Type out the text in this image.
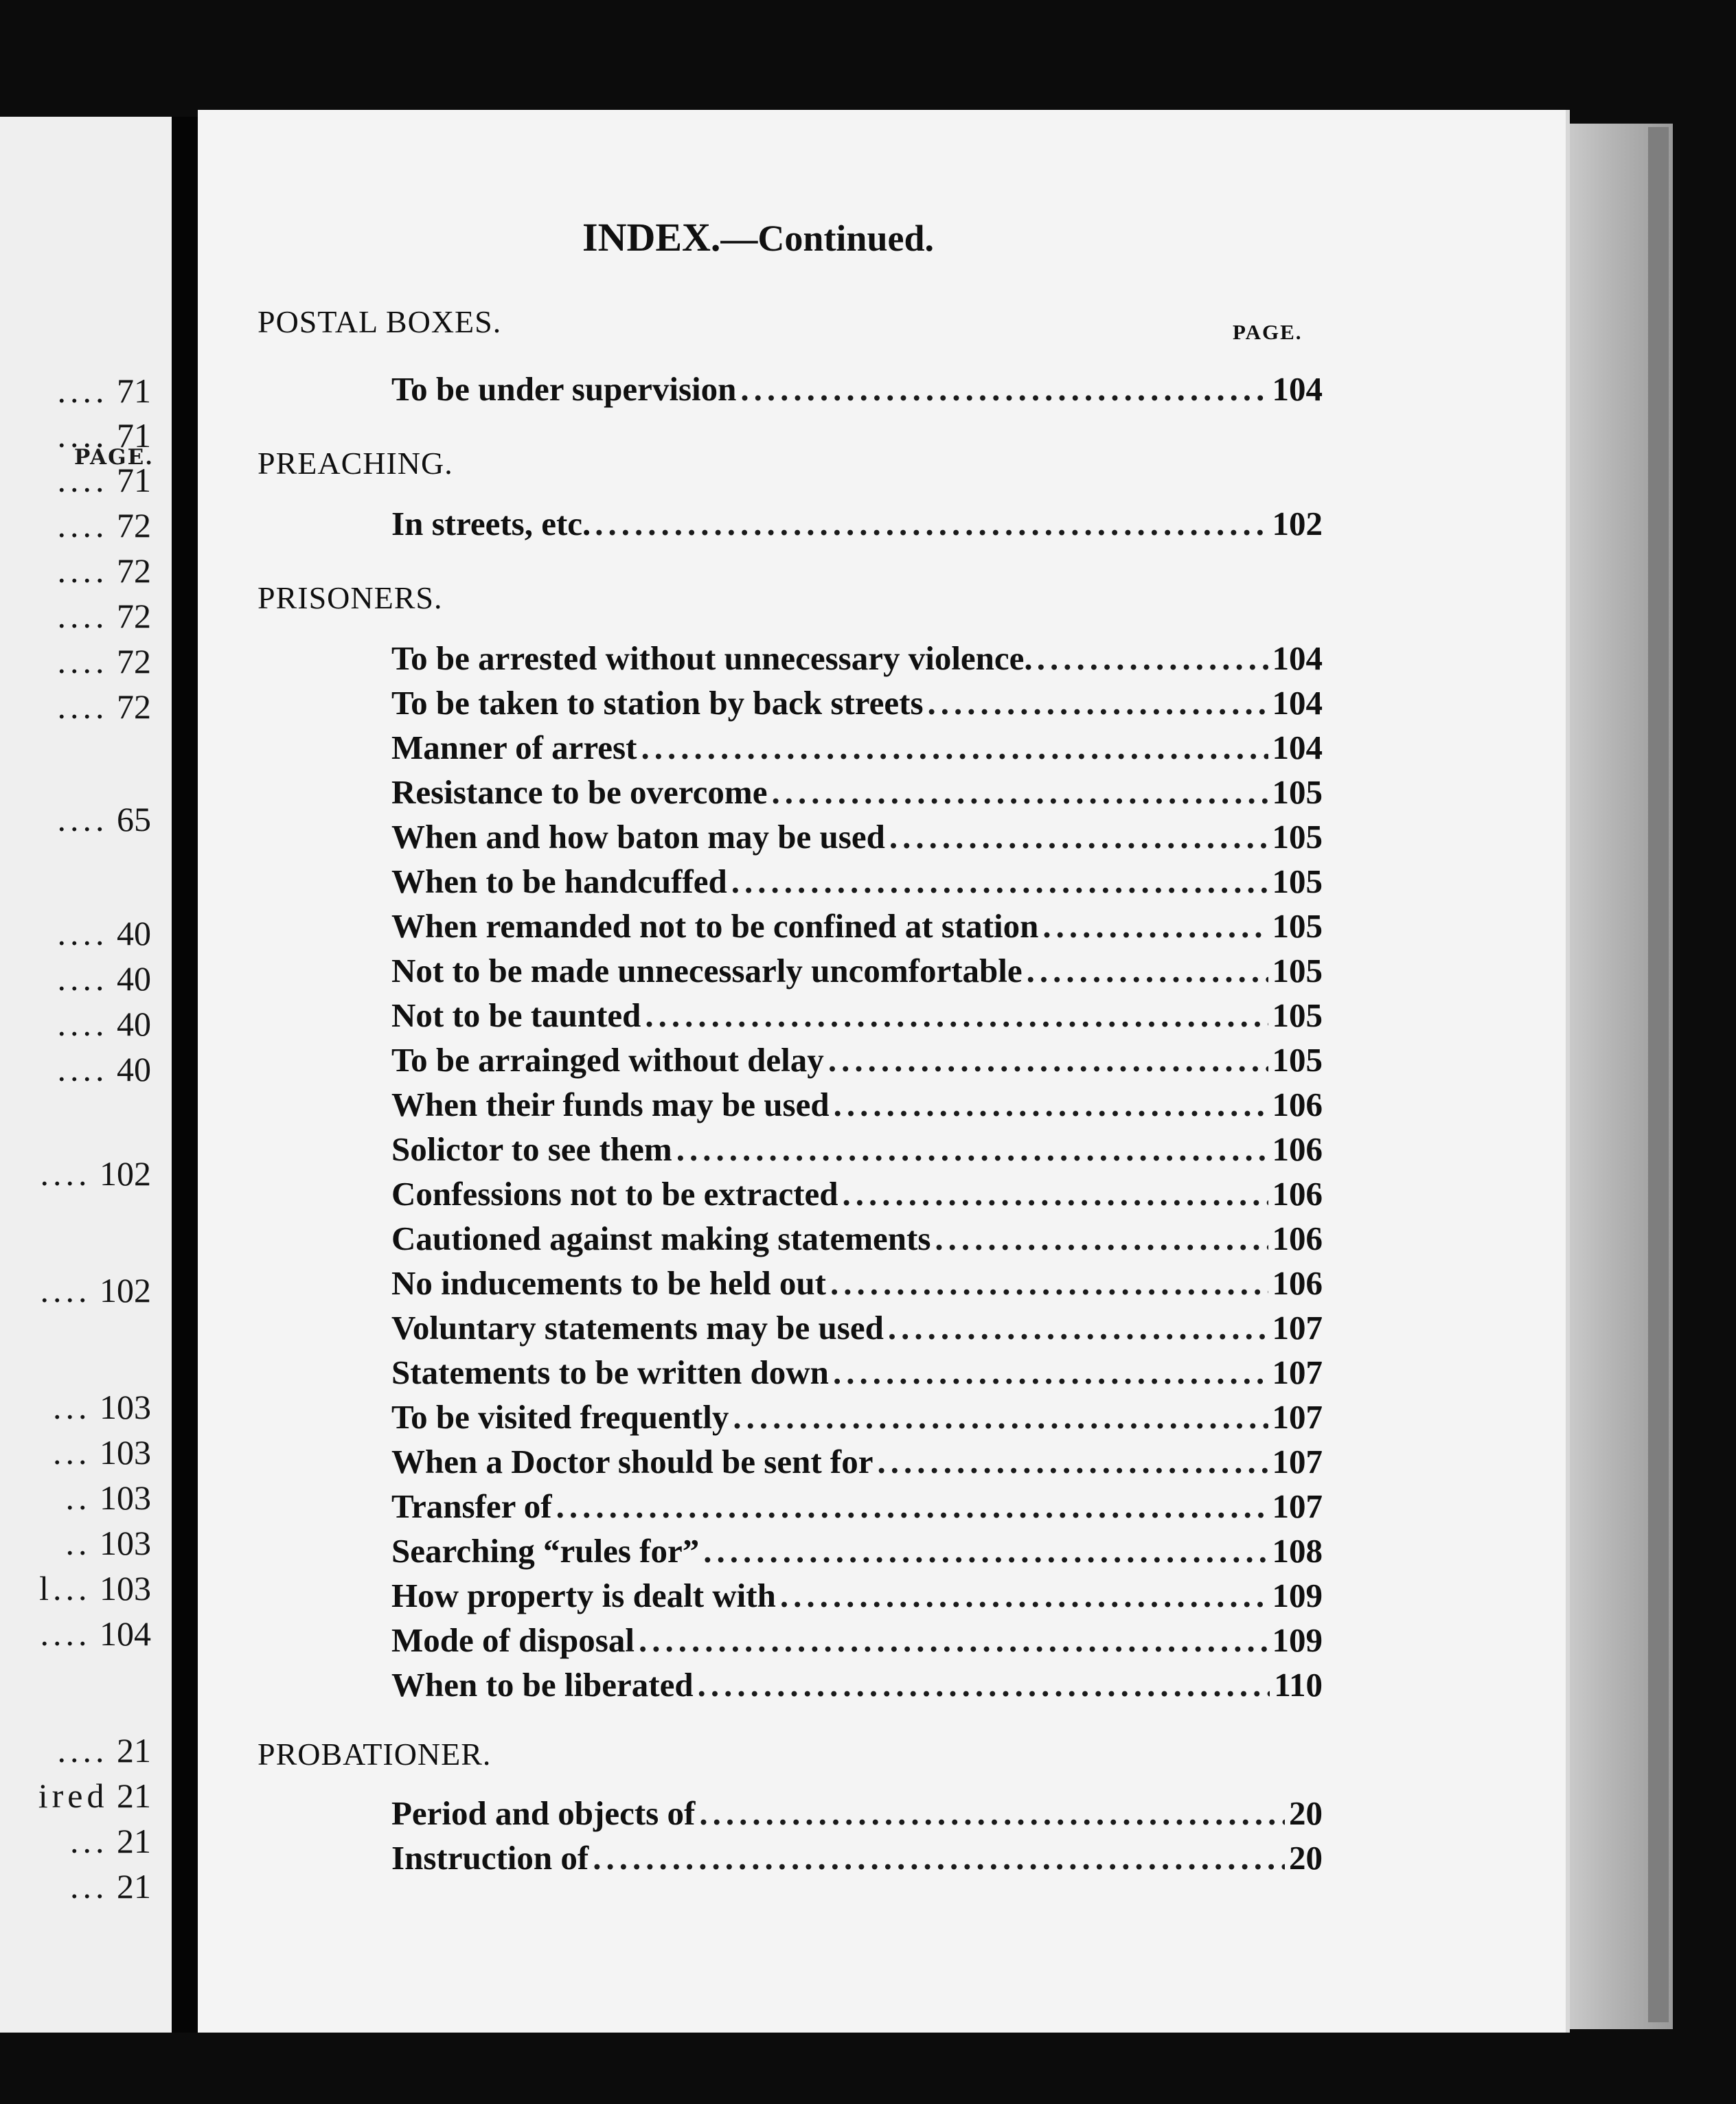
PAGE.
.... 71
.... 71
.... 71
.... 72
.... 72
.... 72
.... 72
.... 72
.... 65
.... 40
.... 40
.... 40
.... 40
.... 102
.... 102
... 103
... 103
.. 103
.. 103
l... 103
.... 104
.... 21
ired 21
... 21
... 21
INDEX.—Continued.
PAGE.
POSTAL BOXES.
To be under supervision .....	104
PREACHING.
In streets, etc. .....	102
PRISONERS.
To be arrested without unnecessary violence. .....	104
To be taken to station by back streets .....	104
Manner of arrest .....	104
Resistance to be overcome .....	105
When and how baton may be used .....	105
When to be handcuffed .....	105
When remanded not to be confined at station .....	105
Not to be made unnecessarly uncomfortable .....	105
Not to be taunted .....	105
To be arrainged without delay .....	105
When their funds may be used .....	106
Solictor to see them .....	106
Confessions not to be extracted .....	106
Cautioned against making statements .....	106
No inducements to be held out .....	106
Voluntary statements may be used .....	107
Statements to be written down .....	107
To be visited frequently .....	107
When a Doctor should be sent for .....	107
Transfer of .....	107
Searching “rules for” .....	108
How property is dealt with .....	109
Mode of disposal .....	109
When to be liberated .....	110
PROBATIONER.
Period and objects of .....	20
Instruction of .....	20
